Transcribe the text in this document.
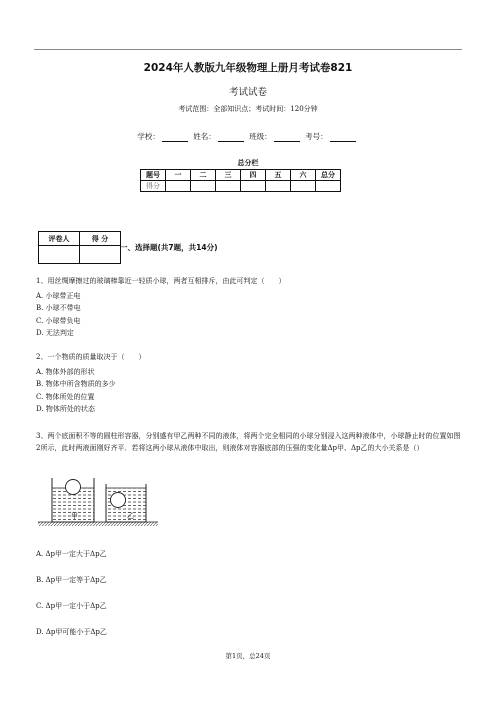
2024年人教版九年级物理上册月考试卷821
考试试卷
考试范围：全部知识点；考试时间：120分钟
学校：	姓名：	班级：	考号：
总分栏
题号	一	二	三	四	五	六	总分
得分							
评卷人	得 分

一、选择题(共7题，共14分)

1、用丝绸摩擦过的玻璃棒靠近一轻质小球，两者互相排斥，由此可判定（　　）

A. 小球带正电
B. 小球不带电
C. 小球带负电
D. 无法判定

2、一个物质的质量取决于（　　）

A. 物体外部的形状
B. 物体中所含物质的多少
C. 物体所处的位置
D. 物体所处的状态

3、两个底面积不等的圆柱形容器，分别盛有甲乙两种不同的液体，将两个完全相同的小球分别浸入这两种液体中，小球静止时的位置如图2所示，此时两液面刚好齐平．若将这两小球从液体中取出，则液体对容器底部的压强的变化量Δp甲、Δp乙的大小关系是（）

甲	乙
A. Δp甲一定大于Δp乙
B. Δp甲一定等于Δp乙
C. Δp甲一定小于Δp乙
D. Δp甲可能小于Δp乙
第1页，总24页
